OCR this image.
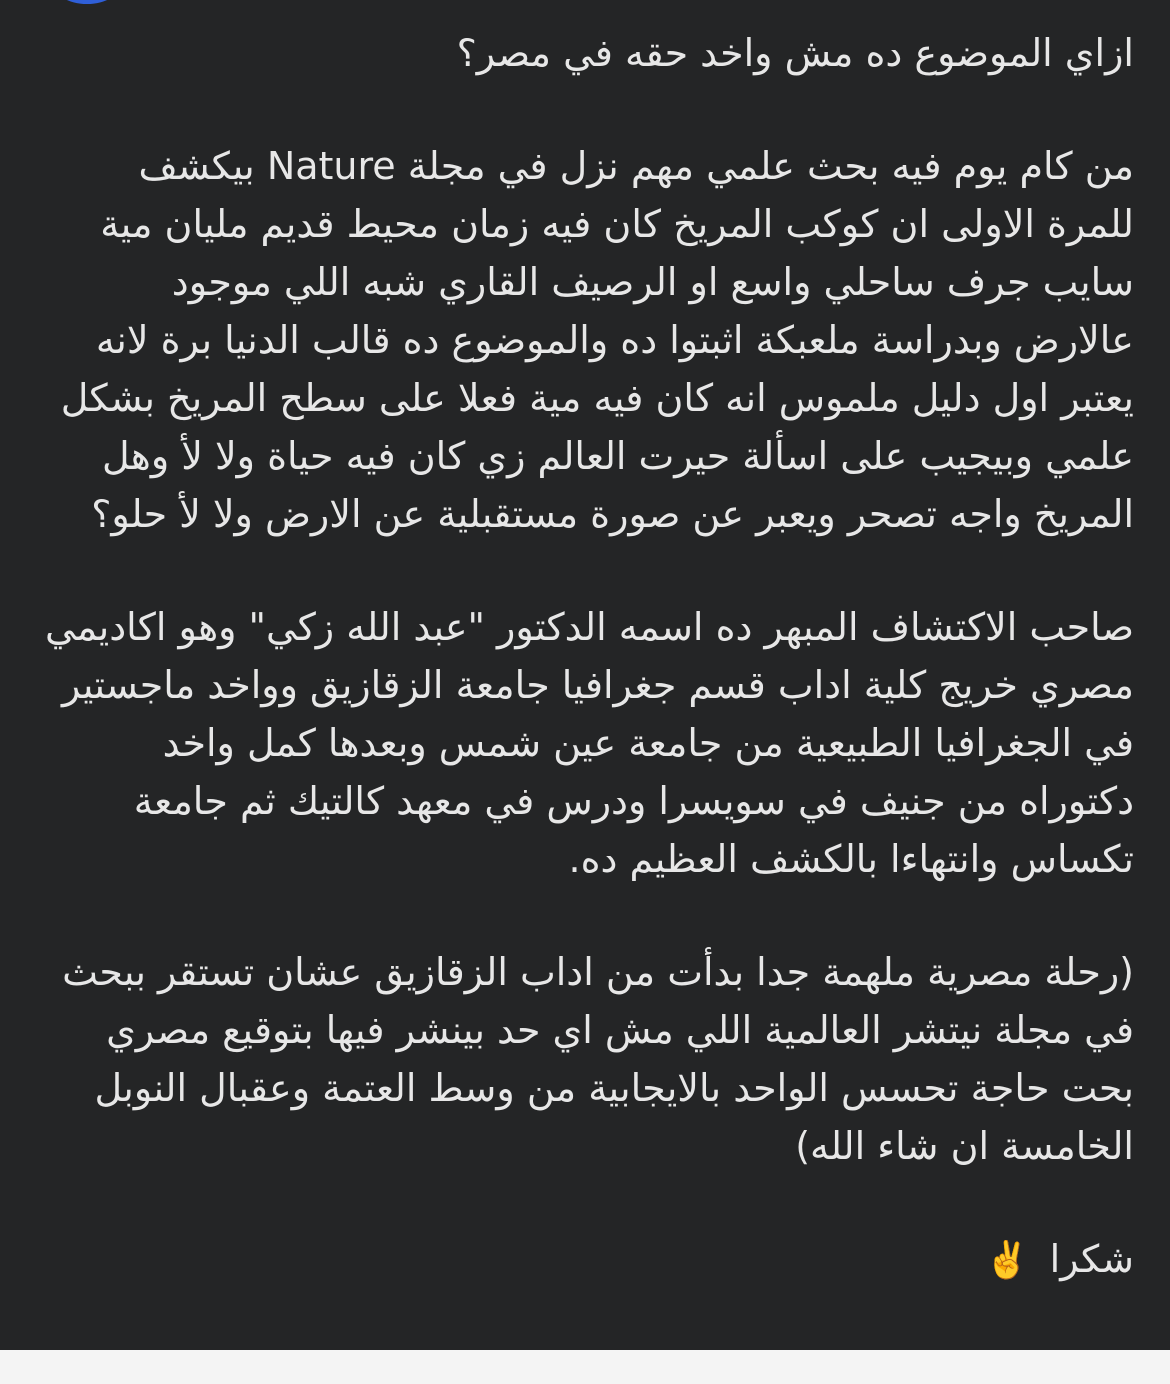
ازاي الموضوع ده مش واخد حقه في مصر؟

من كام يوم فيه بحث علمي مهم نزل في مجلة Nature بيكشف للمرة الاولى ان كوكب المريخ كان فيه زمان محيط قديم مليان مية سايب جرف ساحلي واسع او الرصيف القاري شبه اللي موجود عالارض وبدراسة ملعبكة اثبتوا ده والموضوع ده قالب الدنيا برة لانه يعتبر اول دليل ملموس انه كان فيه مية فعلا على سطح المريخ بشكل علمي وبيجيب على اسألة حيرت العالم زي كان فيه حياة ولا لأ وهل المريخ واجه تصحر ويعبر عن صورة مستقبلية عن الارض ولا لأ حلو؟

صاحب الاكتشاف المبهر ده اسمه الدكتور "عبد الله زكي" وهو اكاديمي مصري خريج كلية اداب قسم جغرافيا جامعة الزقازيق وواخد ماجستير في الجغرافيا الطبيعية من جامعة عين شمس وبعدها كمل واخد دكتوراه من جنيف في سويسرا ودرس في معهد كالتيك ثم جامعة تكساس وانتهاءا بالكشف العظيم ده.

(رحلة مصرية ملهمة جدا بدأت من اداب الزقازيق عشان تستقر ببحث في مجلة نيتشر العالمية اللي مش اي حد بينشر فيها بتوقيع مصري بحت حاجة تحسس الواحد بالايجابية من وسط العتمة وعقبال النوبل الخامسة ان شاء الله)

شكرا ✌️
